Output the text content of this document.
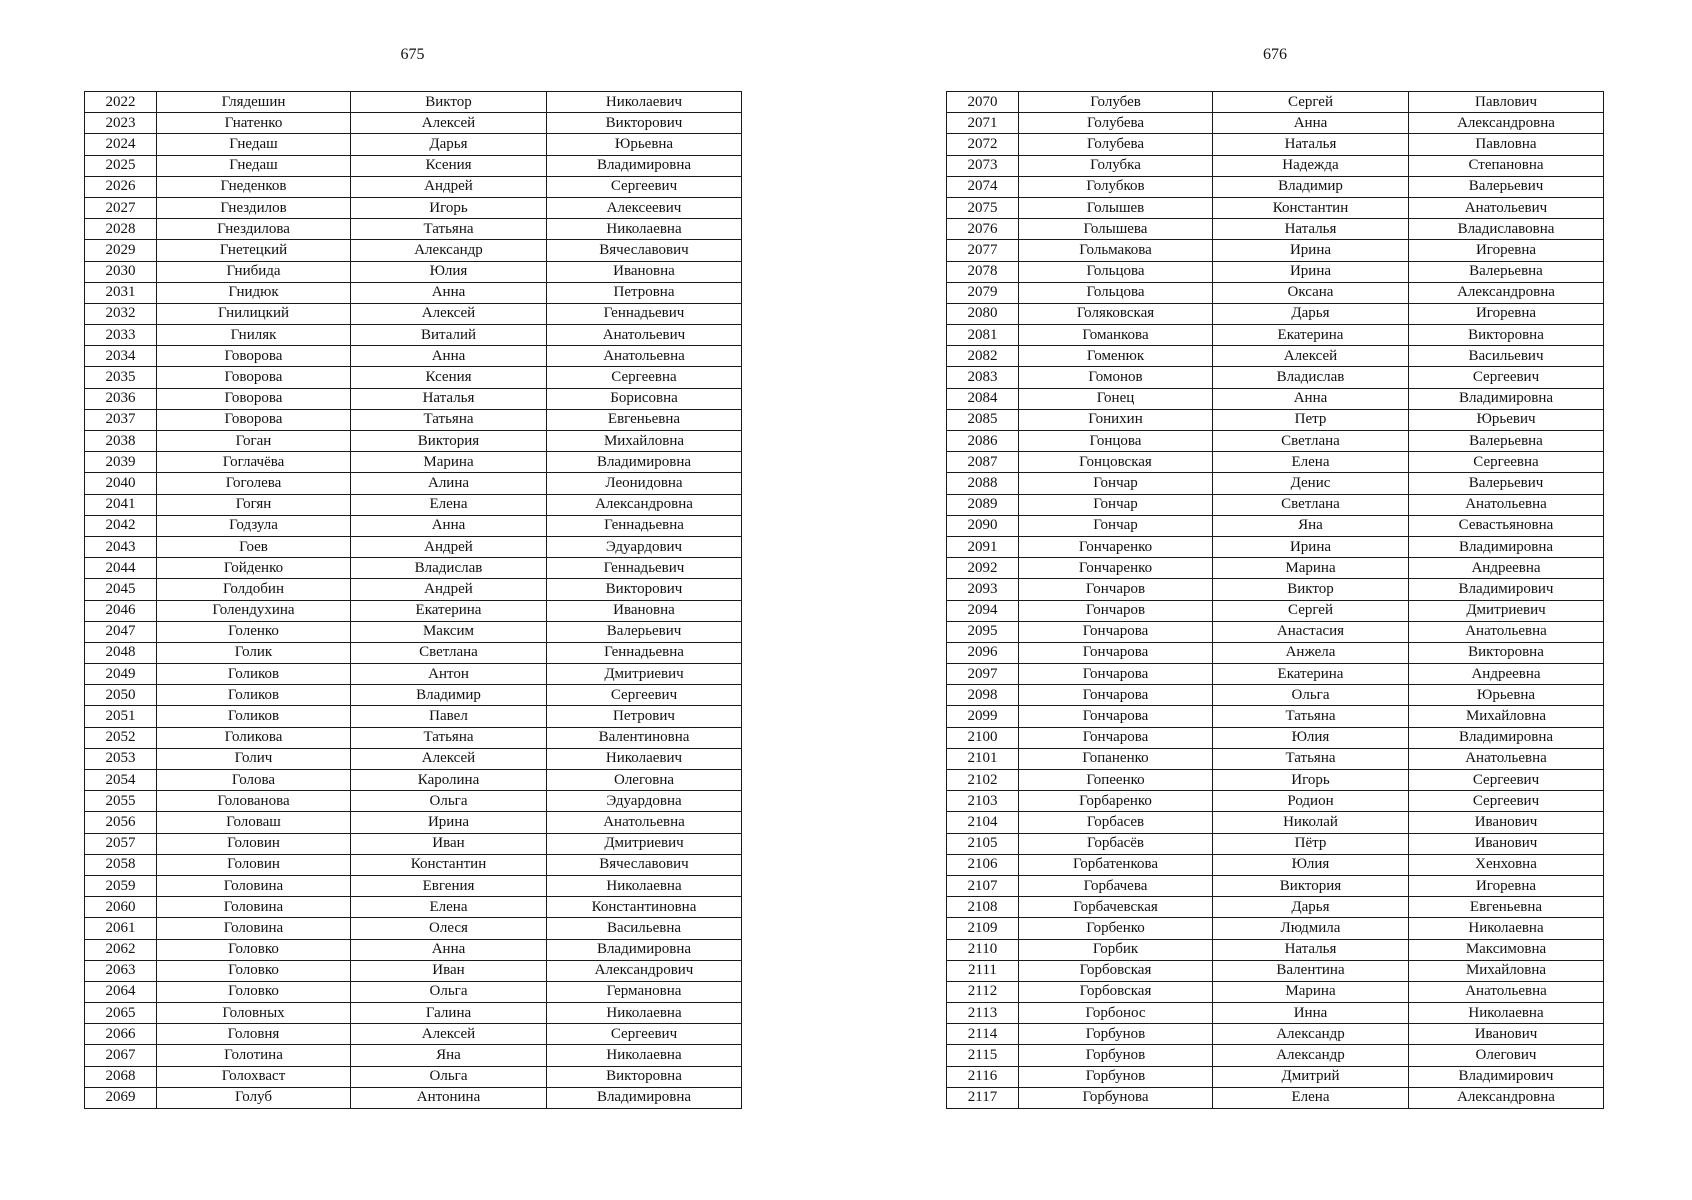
675
2022	Глядешин	Виктор	Николаевич
2023	Гнатенко	Алексей	Викторович
2024	Гнедаш	Дарья	Юрьевна
2025	Гнедаш	Ксения	Владимировна
2026	Гнеденков	Андрей	Сергеевич
2027	Гнездилов	Игорь	Алексеевич
2028	Гнездилова	Татьяна	Николаевна
2029	Гнетецкий	Александр	Вячеславович
2030	Гнибида	Юлия	Ивановна
2031	Гнидюк	Анна	Петровна
2032	Гнилицкий	Алексей	Геннадьевич
2033	Гниляк	Виталий	Анатольевич
2034	Говорова	Анна	Анатольевна
2035	Говорова	Ксения	Сергеевна
2036	Говорова	Наталья	Борисовна
2037	Говорова	Татьяна	Евгеньевна
2038	Гоган	Виктория	Михайловна
2039	Гоглачёва	Марина	Владимировна
2040	Гоголева	Алина	Леонидовна
2041	Гогян	Елена	Александровна
2042	Годзула	Анна	Геннадьевна
2043	Гоев	Андрей	Эдуардович
2044	Гойденко	Владислав	Геннадьевич
2045	Голдобин	Андрей	Викторович
2046	Голендухина	Екатерина	Ивановна
2047	Голенко	Максим	Валерьевич
2048	Голик	Светлана	Геннадьевна
2049	Голиков	Антон	Дмитриевич
2050	Голиков	Владимир	Сергеевич
2051	Голиков	Павел	Петрович
2052	Голикова	Татьяна	Валентиновна
2053	Голич	Алексей	Николаевич
2054	Голова	Каролина	Олеговна
2055	Голованова	Ольга	Эдуардовна
2056	Головаш	Ирина	Анатольевна
2057	Головин	Иван	Дмитриевич
2058	Головин	Константин	Вячеславович
2059	Головина	Евгения	Николаевна
2060	Головина	Елена	Константиновна
2061	Головина	Олеся	Васильевна
2062	Головко	Анна	Владимировна
2063	Головко	Иван	Александрович
2064	Головко	Ольга	Германовна
2065	Головных	Галина	Николаевна
2066	Головня	Алексей	Сергеевич
2067	Голотина	Яна	Николаевна
2068	Голохваст	Ольга	Викторовна
2069	Голуб	Антонина	Владимировна
676
2070	Голубев	Сергей	Павлович
2071	Голубева	Анна	Александровна
2072	Голубева	Наталья	Павловна
2073	Голубка	Надежда	Степановна
2074	Голубков	Владимир	Валерьевич
2075	Голышев	Константин	Анатольевич
2076	Голышева	Наталья	Владиславовна
2077	Гольмакова	Ирина	Игоревна
2078	Гольцова	Ирина	Валерьевна
2079	Гольцова	Оксана	Александровна
2080	Голяковская	Дарья	Игоревна
2081	Гоманкова	Екатерина	Викторовна
2082	Гоменюк	Алексей	Васильевич
2083	Гомонов	Владислав	Сергеевич
2084	Гонец	Анна	Владимировна
2085	Гонихин	Петр	Юрьевич
2086	Гонцова	Светлана	Валерьевна
2087	Гонцовская	Елена	Сергеевна
2088	Гончар	Денис	Валерьевич
2089	Гончар	Светлана	Анатольевна
2090	Гончар	Яна	Севастьяновна
2091	Гончаренко	Ирина	Владимировна
2092	Гончаренко	Марина	Андреевна
2093	Гончаров	Виктор	Владимирович
2094	Гончаров	Сергей	Дмитриевич
2095	Гончарова	Анастасия	Анатольевна
2096	Гончарова	Анжела	Викторовна
2097	Гончарова	Екатерина	Андреевна
2098	Гончарова	Ольга	Юрьевна
2099	Гончарова	Татьяна	Михайловна
2100	Гончарова	Юлия	Владимировна
2101	Гопаненко	Татьяна	Анатольевна
2102	Гопеенко	Игорь	Сергеевич
2103	Горбаренко	Родион	Сергеевич
2104	Горбасев	Николай	Иванович
2105	Горбасёв	Пётр	Иванович
2106	Горбатенкова	Юлия	Хенховна
2107	Горбачева	Виктория	Игоревна
2108	Горбачевская	Дарья	Евгеньевна
2109	Горбенко	Людмила	Николаевна
2110	Горбик	Наталья	Максимовна
2111	Горбовская	Валентина	Михайловна
2112	Горбовская	Марина	Анатольевна
2113	Горбонос	Инна	Николаевна
2114	Горбунов	Александр	Иванович
2115	Горбунов	Александр	Олегович
2116	Горбунов	Дмитрий	Владимирович
2117	Горбунова	Елена	Александровна
